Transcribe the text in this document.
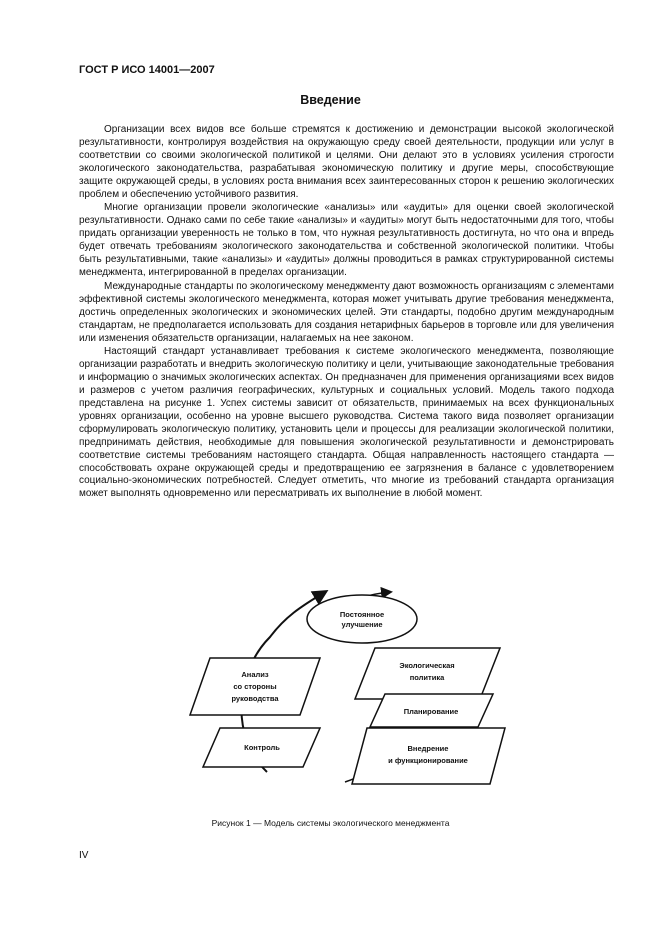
ГОСТ Р ИСО 14001—2007
Введение

Организации всех видов все больше стремятся к достижению и демонстрации высокой экологической результативности, контролируя воздействия на окружающую среду своей деятельности, продукции или услуг в соответствии со своими экологической политикой и целями. Они делают это в условиях усиления строгости экологического законодательства, разрабатывая экономическую политику и другие меры, способствующие защите окружающей среды, в условиях роста внимания всех заинтересованных сторон к решению экологических проблем и обеспечению устойчивого развития.

Многие организации провели экологические «анализы» или «аудиты» для оценки своей экологической результативности. Однако сами по себе такие «анализы» и «аудиты» могут быть недостаточными для того, чтобы придать организации уверенность не только в том, что нужная результативность достигнута, но что она и впредь будет отвечать требованиям экологического законодательства и собственной экологической политики. Чтобы быть результативными, такие «анализы» и «аудиты» должны проводиться в рамках структурированной системы менеджмента, интегрированной в пределах организации.

Международные стандарты по экологическому менеджменту дают возможность организациям с элементами эффективной системы экологического менеджмента, которая может учитывать другие требования менеджмента, достичь определенных экологических и экономических целей. Эти стандарты, подобно другим международным стандартам, не предполагается использовать для создания нетарифных барьеров в торговле или для увеличения или изменения обязательств организации, налагаемых на нее законом.

Настоящий стандарт устанавливает требования к системе экологического менеджмента, позволяющие организации разработать и внедрить экологическую политику и цели, учитывающие законодательные требования и информацию о значимых экологических аспектах. Он предназначен для применения организациями всех видов и размеров с учетом различия географических, культурных и социальных условий. Модель такого подхода представлена на рисунке 1. Успех системы зависит от обязательств, принимаемых на всех функциональных уровнях организации, особенно на уровне высшего руководства. Система такого вида позволяет организации сформулировать экологическую политику, установить цели и процессы для реализации экологической политики, предпринимать действия, необходимые для повышения экологической результативности и демонстрировать соответствие системы требованиям настоящего стандарта. Общая направленность настоящего стандарта — способствовать охране окружающей среды и предотвращению ее загрязнения в балансе с удовлетворением социально-экономических потребностей. Следует отметить, что многие из требований стандарта организация может выполнять одновременно или пересматривать их выполнение в любой момент.

Постоянное
улучшение
Анализ
со стороны
руководства
Контроль
Экологическая
политика
Планирование
Внедрение
и функционирование
Рисунок 1 — Модель системы экологического менеджмента
IV
